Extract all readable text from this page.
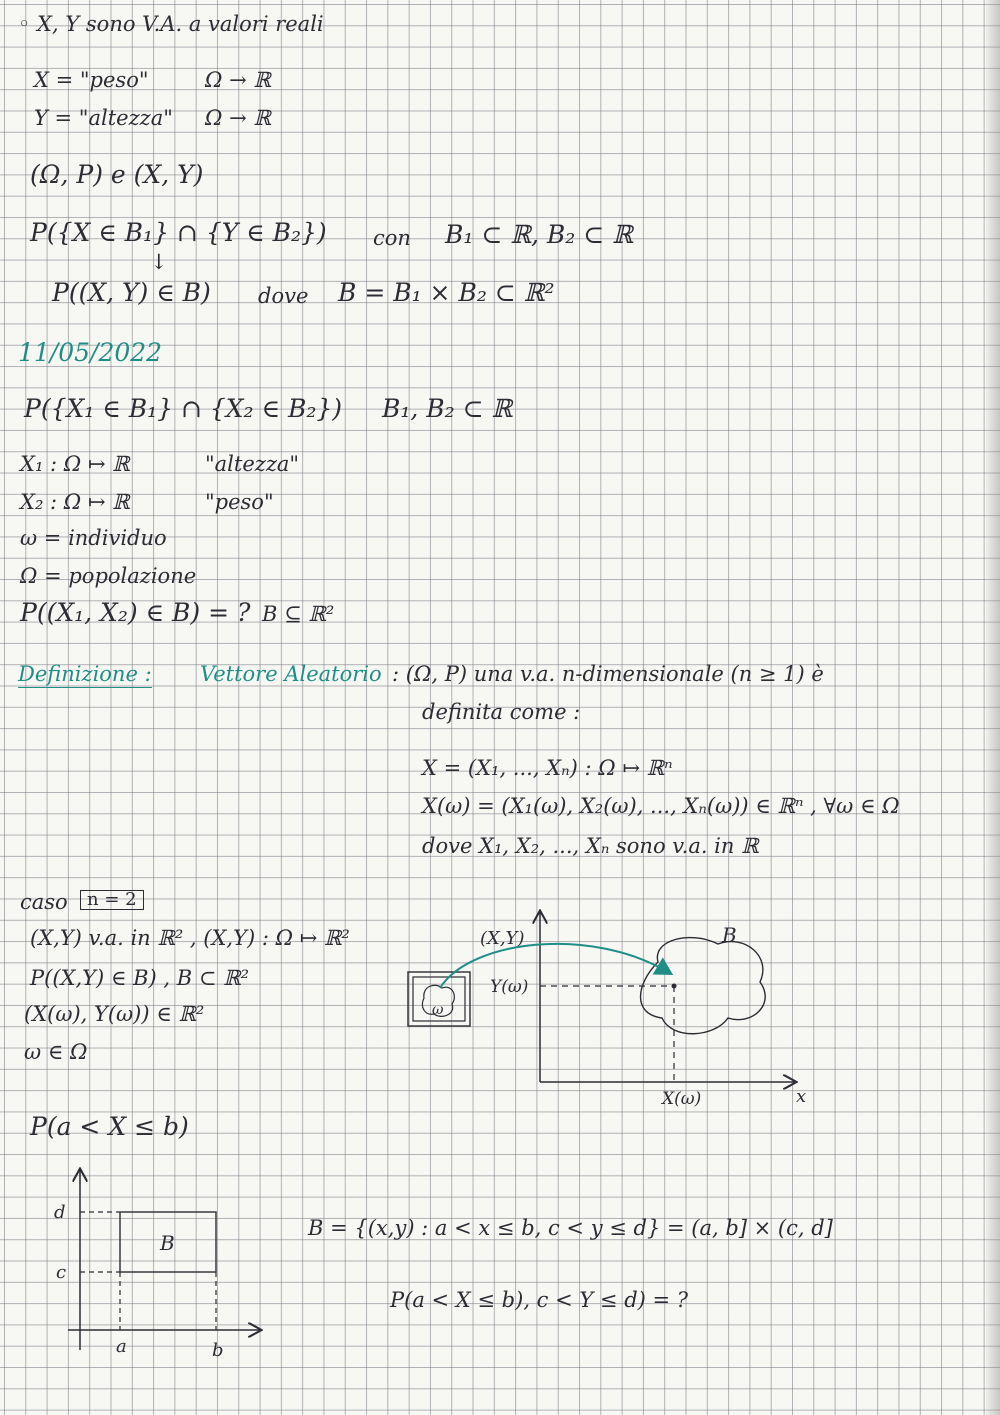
◦ X, Y sono V.A. a valori reali
X = "peso"	Ω → ℝ
Y = "altezza" Ω → ℝ
(Ω, P) e (X, Y)
P({X ∈ B₁} ∩ {Y ∈ B₂}) con B₁ ⊂ ℝ, B₂ ⊂ ℝ
↓
P((X, Y) ∈ B) dove B = B₁ × B₂ ⊂ ℝ²
11/05/2022
P({X₁ ∈ B₁} ∩ {X₂ ∈ B₂}) B₁, B₂ ⊂ ℝ
X₁ : Ω ↦ ℝ	"altezza"
X₂ : Ω ↦ ℝ	"peso"
ω = individuo
Ω = popolazione
P((X₁, X₂) ∈ B) = ? B ⊆ ℝ²
Definizione : Vettore Aleatorio : (Ω, P) una v.a. n-dimensionale (n ≥ 1) è
definita come :
X = (X₁, ..., Xₙ) : Ω ↦ ℝⁿ
X(ω) = (X₁(ω), X₂(ω), ..., Xₙ(ω)) ∈ ℝⁿ , ∀ω ∈ Ω
dove X₁, X₂, ..., Xₙ sono v.a. in ℝ
caso	n = 2
(X,Y) v.a. in ℝ² , (X,Y) : Ω ↦ ℝ²
P((X,Y) ∈ B) , B ⊂ ℝ²
(X(ω), Y(ω)) ∈ ℝ²
ω ∈ Ω
P(a < X ≤ b)
B = {(x,y) : a < x ≤ b, c < y ≤ d} = (a, b] × (c, d]
P(a < X ≤ b), c < Y ≤ d) = ?
(X,Y)	B
Y(ω)
X(ω)	x
ω
d
c
a	b
B
